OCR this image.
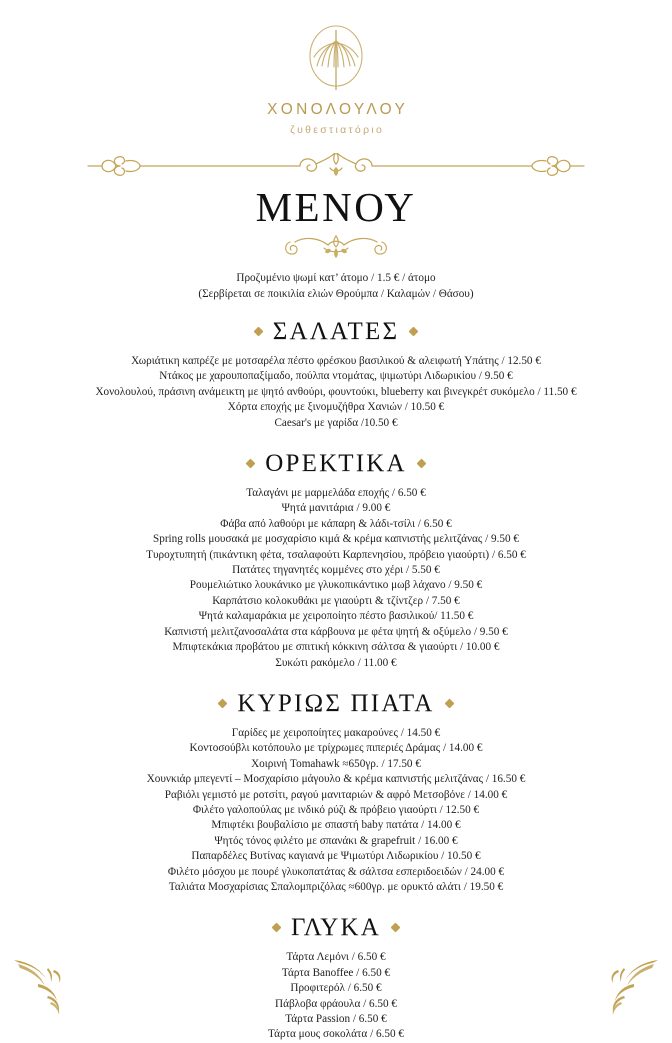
ΧΟΝΟΛΟΥΛΟΥ
ζυθεστιατόριο
ΜΕΝΟΥ
Προζυμένιο ψωμί κατ’ άτομο / 1.5 € / άτομο
(Σερβίρεται σε ποικιλία ελιών Θρούμπα / Καλαμών / Θάσου)
ΣΑΛΑΤΕΣ
Χωριάτικη καπρέζε με μοτσαρέλα πέστο φρέσκου βασιλικού & αλειφωτή Υπάτης / 12.50 €
Ντάκος με χαρουποπαξίμαδο, πούλπα ντομάτας, ψιμωτύρι Λιδωρικίου / 9.50 €
Χονολουλού, πράσινη ανάμεικτη με ψητό ανθούρι, φουντούκι, blueberry και βινεγκρέτ συκόμελο / 11.50 €
Χόρτα εποχής με ξινομυζήθρα Χανιών / 10.50 €
Caesar's με γαρίδα /10.50 €
ΟΡΕΚΤΙΚΑ
Ταλαγάνι με μαρμελάδα εποχής / 6.50 €
Ψητά μανιτάρια / 9.00 €
Φάβα από λαθούρι με κάπαρη & λάδι-τσίλι / 6.50 €
Spring rolls μουσακά με μοσχαρίσιο κιμά & κρέμα καπνιστής μελιτζάνας / 9.50 €
Τυροχτυπητή (πικάντικη φέτα, τσαλαφούτι Καρπενησίου, πρόβειο γιαούρτι) / 6.50 €
Πατάτες τηγανητές κομμένες στο χέρι / 5.50 €
Ρουμελιώτικο λουκάνικο με γλυκοπικάντικο μωβ λάχανο / 9.50 €
Καρπάτσιο κολοκυθάκι με γιαούρτι & τζίντζερ / 7.50 €
Ψητά καλαμαράκια με χειροποίητο πέστο βασιλικού/ 11.50 €
Καπνιστή μελιτζανοσαλάτα στα κάρβουνα με φέτα ψητή & οξύμελο / 9.50 €
Μπιφτεκάκια προβάτου με σπιτική κόκκινη σάλτσα & γιαούρτι / 10.00 €
Συκώτι ρακόμελο / 11.00 €
ΚΥΡΙΩΣ ΠΙΑΤΑ
Γαρίδες με χειροποίητες μακαρούνες / 14.50 €
Κοντοσούβλι κοτόπουλο με τρίχρωμες πιπεριές Δράμας / 14.00 €
Χοιρινή Tomahawk ≈650γρ. / 17.50 €
Χουνκιάρ μπεγεντί – Μοσχαρίσιο μάγουλο & κρέμα καπνιστής μελιτζάνας / 16.50 €
Ραβιόλι γεμιστό με ροτσίτι, ραγού μανιταριών & αφρό Μετσοβόνε / 14.00 €
Φιλέτο γαλοπούλας με ινδικό ρύζι & πρόβειο γιαούρτι / 12.50 €
Μπιφτέκι βουβαλίσιο με σπαστή baby πατάτα / 14.00 €
Ψητός τόνος φιλέτο με σπανάκι & grapefruit / 16.00 €
Παπαρδέλες Βυτίνας καγιανά με Ψιμωτύρι Λιδωρικίου / 10.50 €
Φιλέτο μόσχου με πουρέ γλυκοπατάτας & σάλτσα εσπεριδοειδών / 24.00 €
Ταλιάτα Μοσχαρίσιας Σπαλομπριζόλας ≈600γρ. με ορυκτό αλάτι / 19.50 €
ΓΛΥΚΑ
Τάρτα Λεμόνι / 6.50 €
Τάρτα Banoffee / 6.50 €
Προφιτερόλ / 6.50 €
Πάβλοβα φράουλα / 6.50 €
Τάρτα Passion / 6.50 €
Τάρτα μους σοκολάτα / 6.50 €
